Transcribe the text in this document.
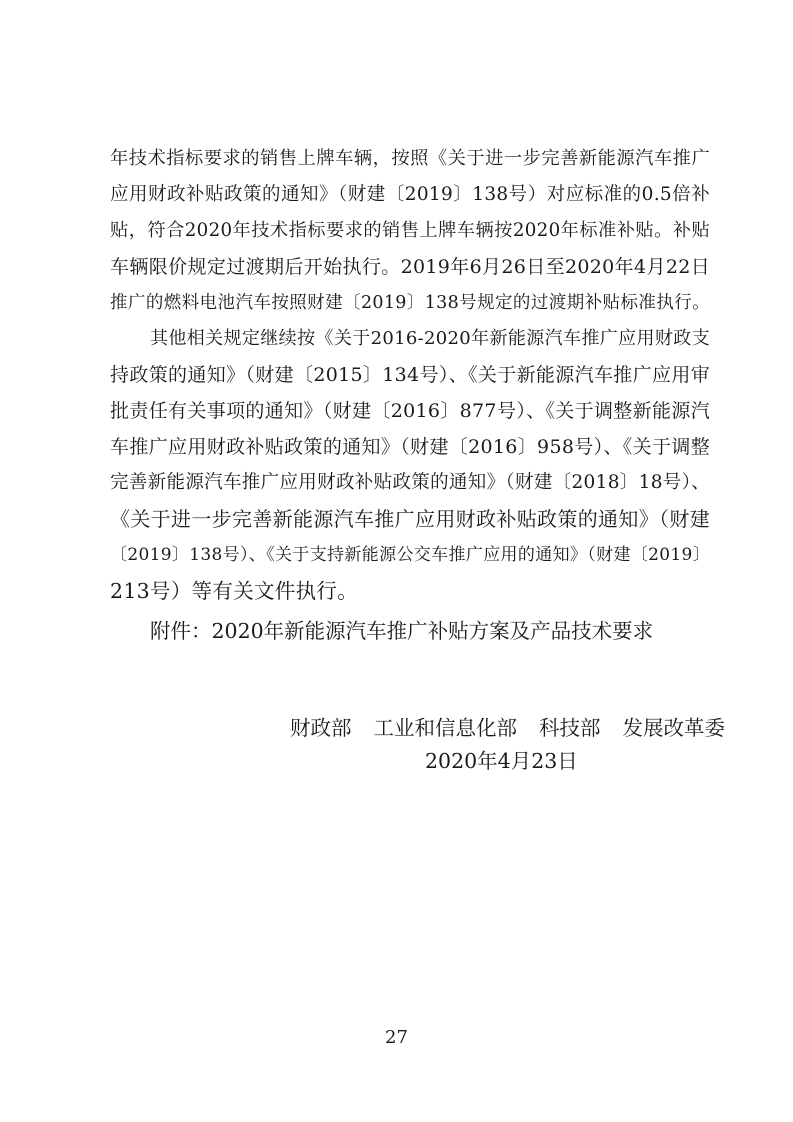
年技术指标要求的销售上牌车辆，按照《关于进一步完善新能源汽车推广
应用财政补贴政策的通知》（财建〔2019〕138号）对应标准的0.5倍补
贴，符合2020年技术指标要求的销售上牌车辆按2020年标准补贴。补贴
车辆限价规定过渡期后开始执行。2019年6月26日至2020年4月22日
推广的燃料电池汽车按照财建〔2019〕138号规定的过渡期补贴标准执行。
其他相关规定继续按《关于2016-2020年新能源汽车推广应用财政支
持政策的通知》（财建〔2015〕134号）、《关于新能源汽车推广应用审
批责任有关事项的通知》（财建〔2016〕877号）、《关于调整新能源汽
车推广应用财政补贴政策的通知》（财建〔2016〕958号）、《关于调整
完善新能源汽车推广应用财政补贴政策的通知》（财建〔2018〕18号）、
《关于进一步完善新能源汽车推广应用财政补贴政策的通知》（财建
〔2019〕138号）、《关于支持新能源公交车推广应用的通知》（财建〔2019〕
213号）等有关文件执行。
附件：2020年新能源汽车推广补贴方案及产品技术要求
财政部 工业和信息化部 科技部 发展改革委
2020年4月23日
27
